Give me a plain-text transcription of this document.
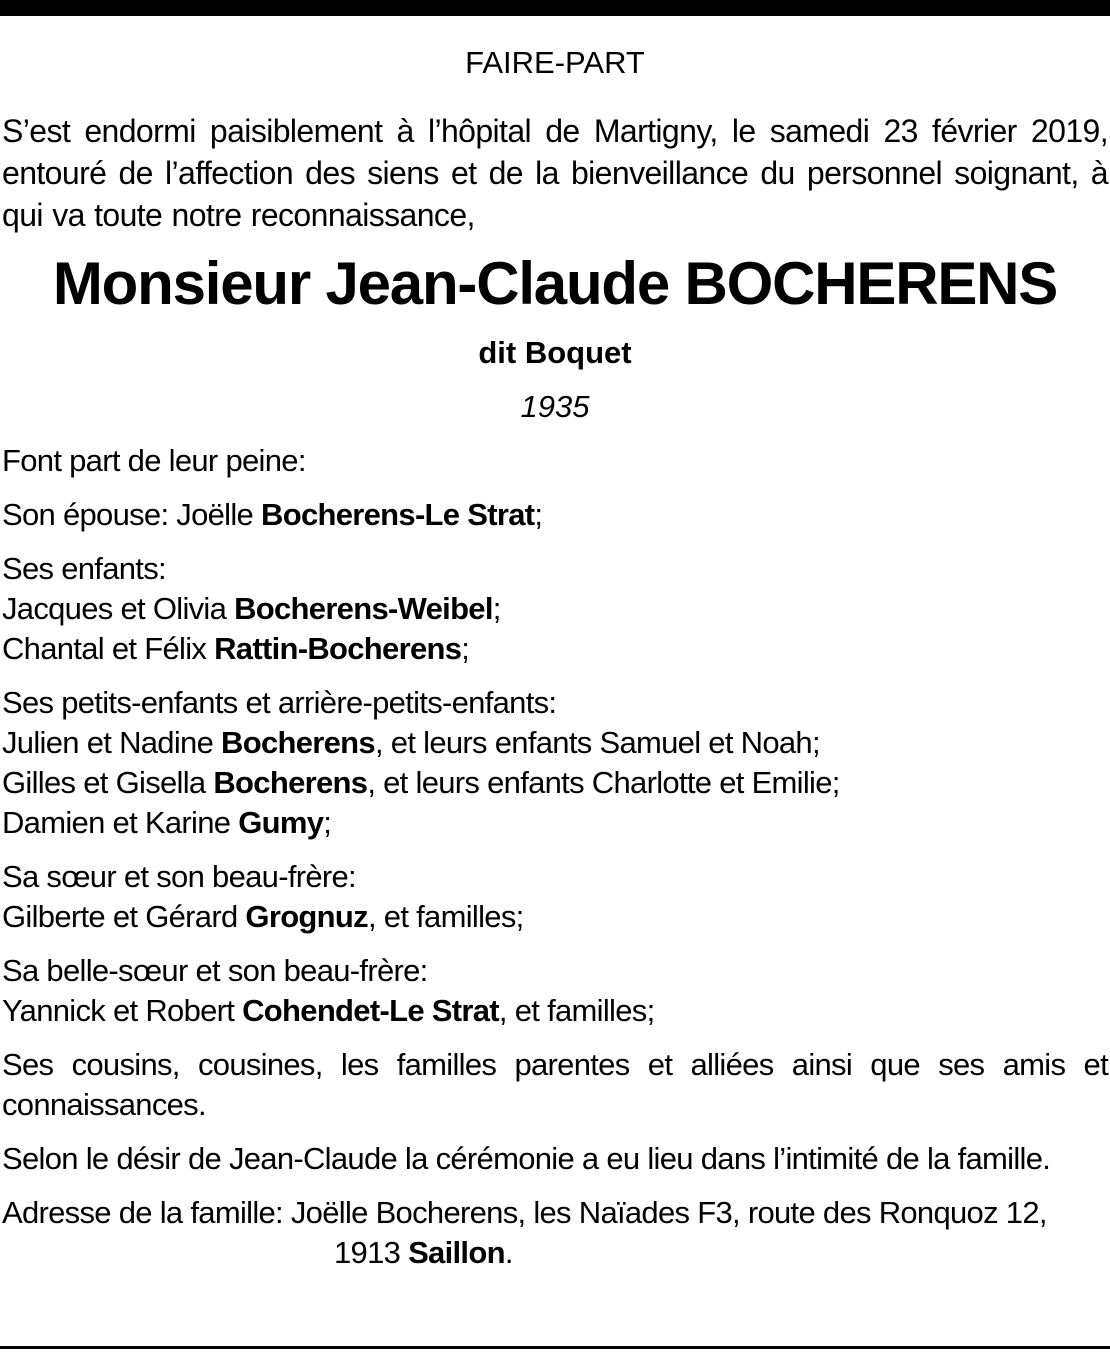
FAIRE-PART
S’est endormi paisiblement à l’hôpital de Martigny, le samedi 23 février 2019, entouré de l’affection des siens et de la bienveillance du personnel soignant, à qui va toute notre reconnaissance,
Monsieur Jean-Claude BOCHERENS
dit Boquet
1935

Font part de leur peine:

Son épouse: Joëlle Bocherens-Le Strat;

Ses enfants:
Jacques et Olivia Bocherens-Weibel;
Chantal et Félix Rattin-Bocherens;

Ses petits-enfants et arrière-petits-enfants:
Julien et Nadine Bocherens, et leurs enfants Samuel et Noah;
Gilles et Gisella Bocherens, et leurs enfants Charlotte et Emilie;
Damien et Karine Gumy;

Sa sœur et son beau-frère:
Gilberte et Gérard Grognuz, et familles;

Sa belle-sœur et son beau-frère:
Yannick et Robert Cohendet-Le Strat, et familles;

Ses cousins, cousines, les familles parentes et alliées ainsi que ses amis et connaissances.

Selon le désir de Jean-Claude la cérémonie a eu lieu dans l’intimité de la famille.

Adresse de la famille: Joëlle Bocherens, les Naïades F3, route des Ronquoz 12,
1913 Saillon.
